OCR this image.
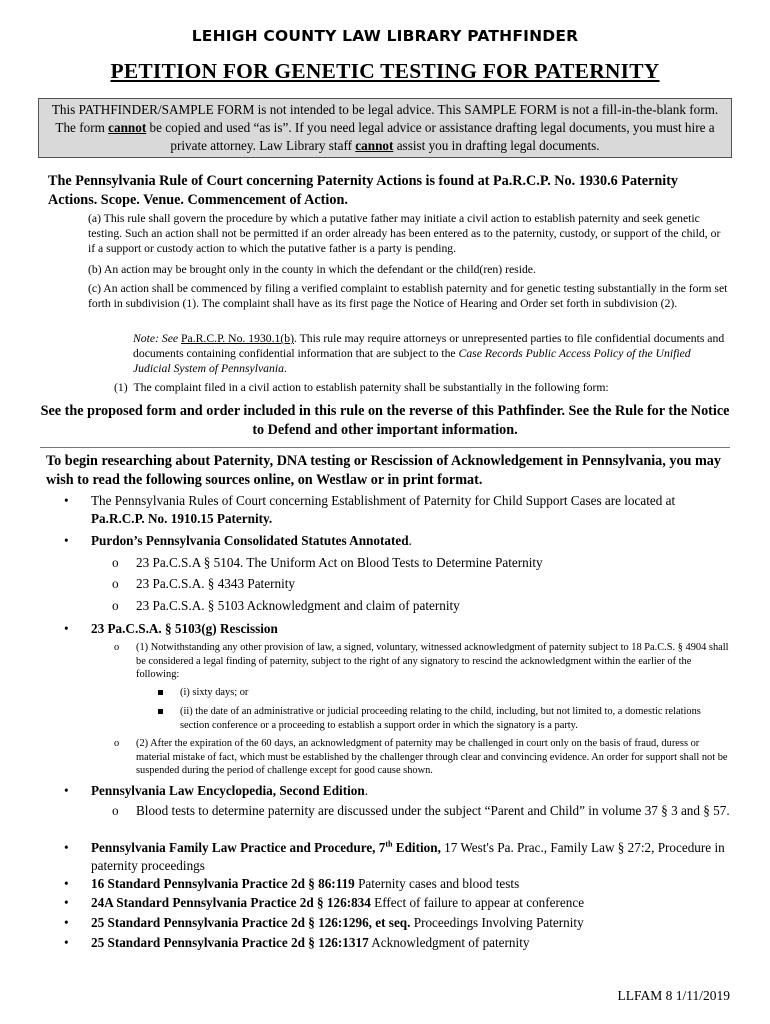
LEHIGH COUNTY LAW LIBRARY PATHFINDER
PETITION FOR GENETIC TESTING FOR PATERNITY
This PATHFINDER/SAMPLE FORM is not intended to be legal advice. This SAMPLE FORM is not a fill-in-the-blank form. The form cannot be copied and used “as is”. If you need legal advice or assistance drafting legal documents, you must hire a private attorney. Law Library staff cannot assist you in drafting legal documents.
The Pennsylvania Rule of Court concerning Paternity Actions is found at Pa.R.C.P. No. 1930.6 Paternity Actions. Scope. Venue. Commencement of Action.
(a) This rule shall govern the procedure by which a putative father may initiate a civil action to establish paternity and seek genetic testing. Such an action shall not be permitted if an order already has been entered as to the paternity, custody, or support of the child, or if a support or custody action to which the putative father is a party is pending.
(b) An action may be brought only in the county in which the defendant or the child(ren) reside.
(c) An action shall be commenced by filing a verified complaint to establish paternity and for genetic testing substantially in the form set forth in subdivision (1). The complaint shall have as its first page the Notice of Hearing and Order set forth in subdivision (2).
Note: See Pa.R.C.P. No. 1930.1(b). This rule may require attorneys or unrepresented parties to file confidential documents and documents containing confidential information that are subject to the Case Records Public Access Policy of the Unified Judicial System of Pennsylvania.
(1) The complaint filed in a civil action to establish paternity shall be substantially in the following form:
See the proposed form and order included in this rule on the reverse of this Pathfinder. See the Rule for the Notice to Defend and other important information.
To begin researching about Paternity, DNA testing or Rescission of Acknowledgement in Pennsylvania, you may wish to read the following sources online, on Westlaw or in print format.
•	The Pennsylvania Rules of Court concerning Establishment of Paternity for Child Support Cases are located at Pa.R.C.P. No. 1910.15 Paternity.
•	Purdon’s Pennsylvania Consolidated Statutes Annotated.
o 23 Pa.C.S.A § 5104. The Uniform Act on Blood Tests to Determine Paternity
o 23 Pa.C.S.A. § 4343 Paternity
o 23 Pa.C.S.A. § 5103 Acknowledgment and claim of paternity
•	23 Pa.C.S.A. § 5103(g) Rescission
o (1) Notwithstanding any other provision of law, a signed, voluntary, witnessed acknowledgment of paternity subject to 18 Pa.C.S. § 4904 shall be considered a legal finding of paternity, subject to the right of any signatory to rescind the acknowledgment within the earlier of the following:
(i) sixty days; or
(ii) the date of an administrative or judicial proceeding relating to the child, including, but not limited to, a domestic relations section conference or a proceeding to establish a support order in which the signatory is a party.
o (2) After the expiration of the 60 days, an acknowledgment of paternity may be challenged in court only on the basis of fraud, duress or material mistake of fact, which must be established by the challenger through clear and convincing evidence. An order for support shall not be suspended during the period of challenge except for good cause shown.
•	Pennsylvania Law Encyclopedia, Second Edition.
o Blood tests to determine paternity are discussed under the subject “Parent and Child” in volume 37 § 3 and § 57.
•	Pennsylvania Family Law Practice and Procedure, 7th Edition, 17 West's Pa. Prac., Family Law § 27:2, Procedure in paternity proceedings
•	16 Standard Pennsylvania Practice 2d § 86:119 Paternity cases and blood tests
•	24A Standard Pennsylvania Practice 2d § 126:834 Effect of failure to appear at conference
•	25 Standard Pennsylvania Practice 2d § 126:1296, et seq. Proceedings Involving Paternity
•	25 Standard Pennsylvania Practice 2d § 126:1317 Acknowledgment of paternity
LLFAM 8 1/11/2019
